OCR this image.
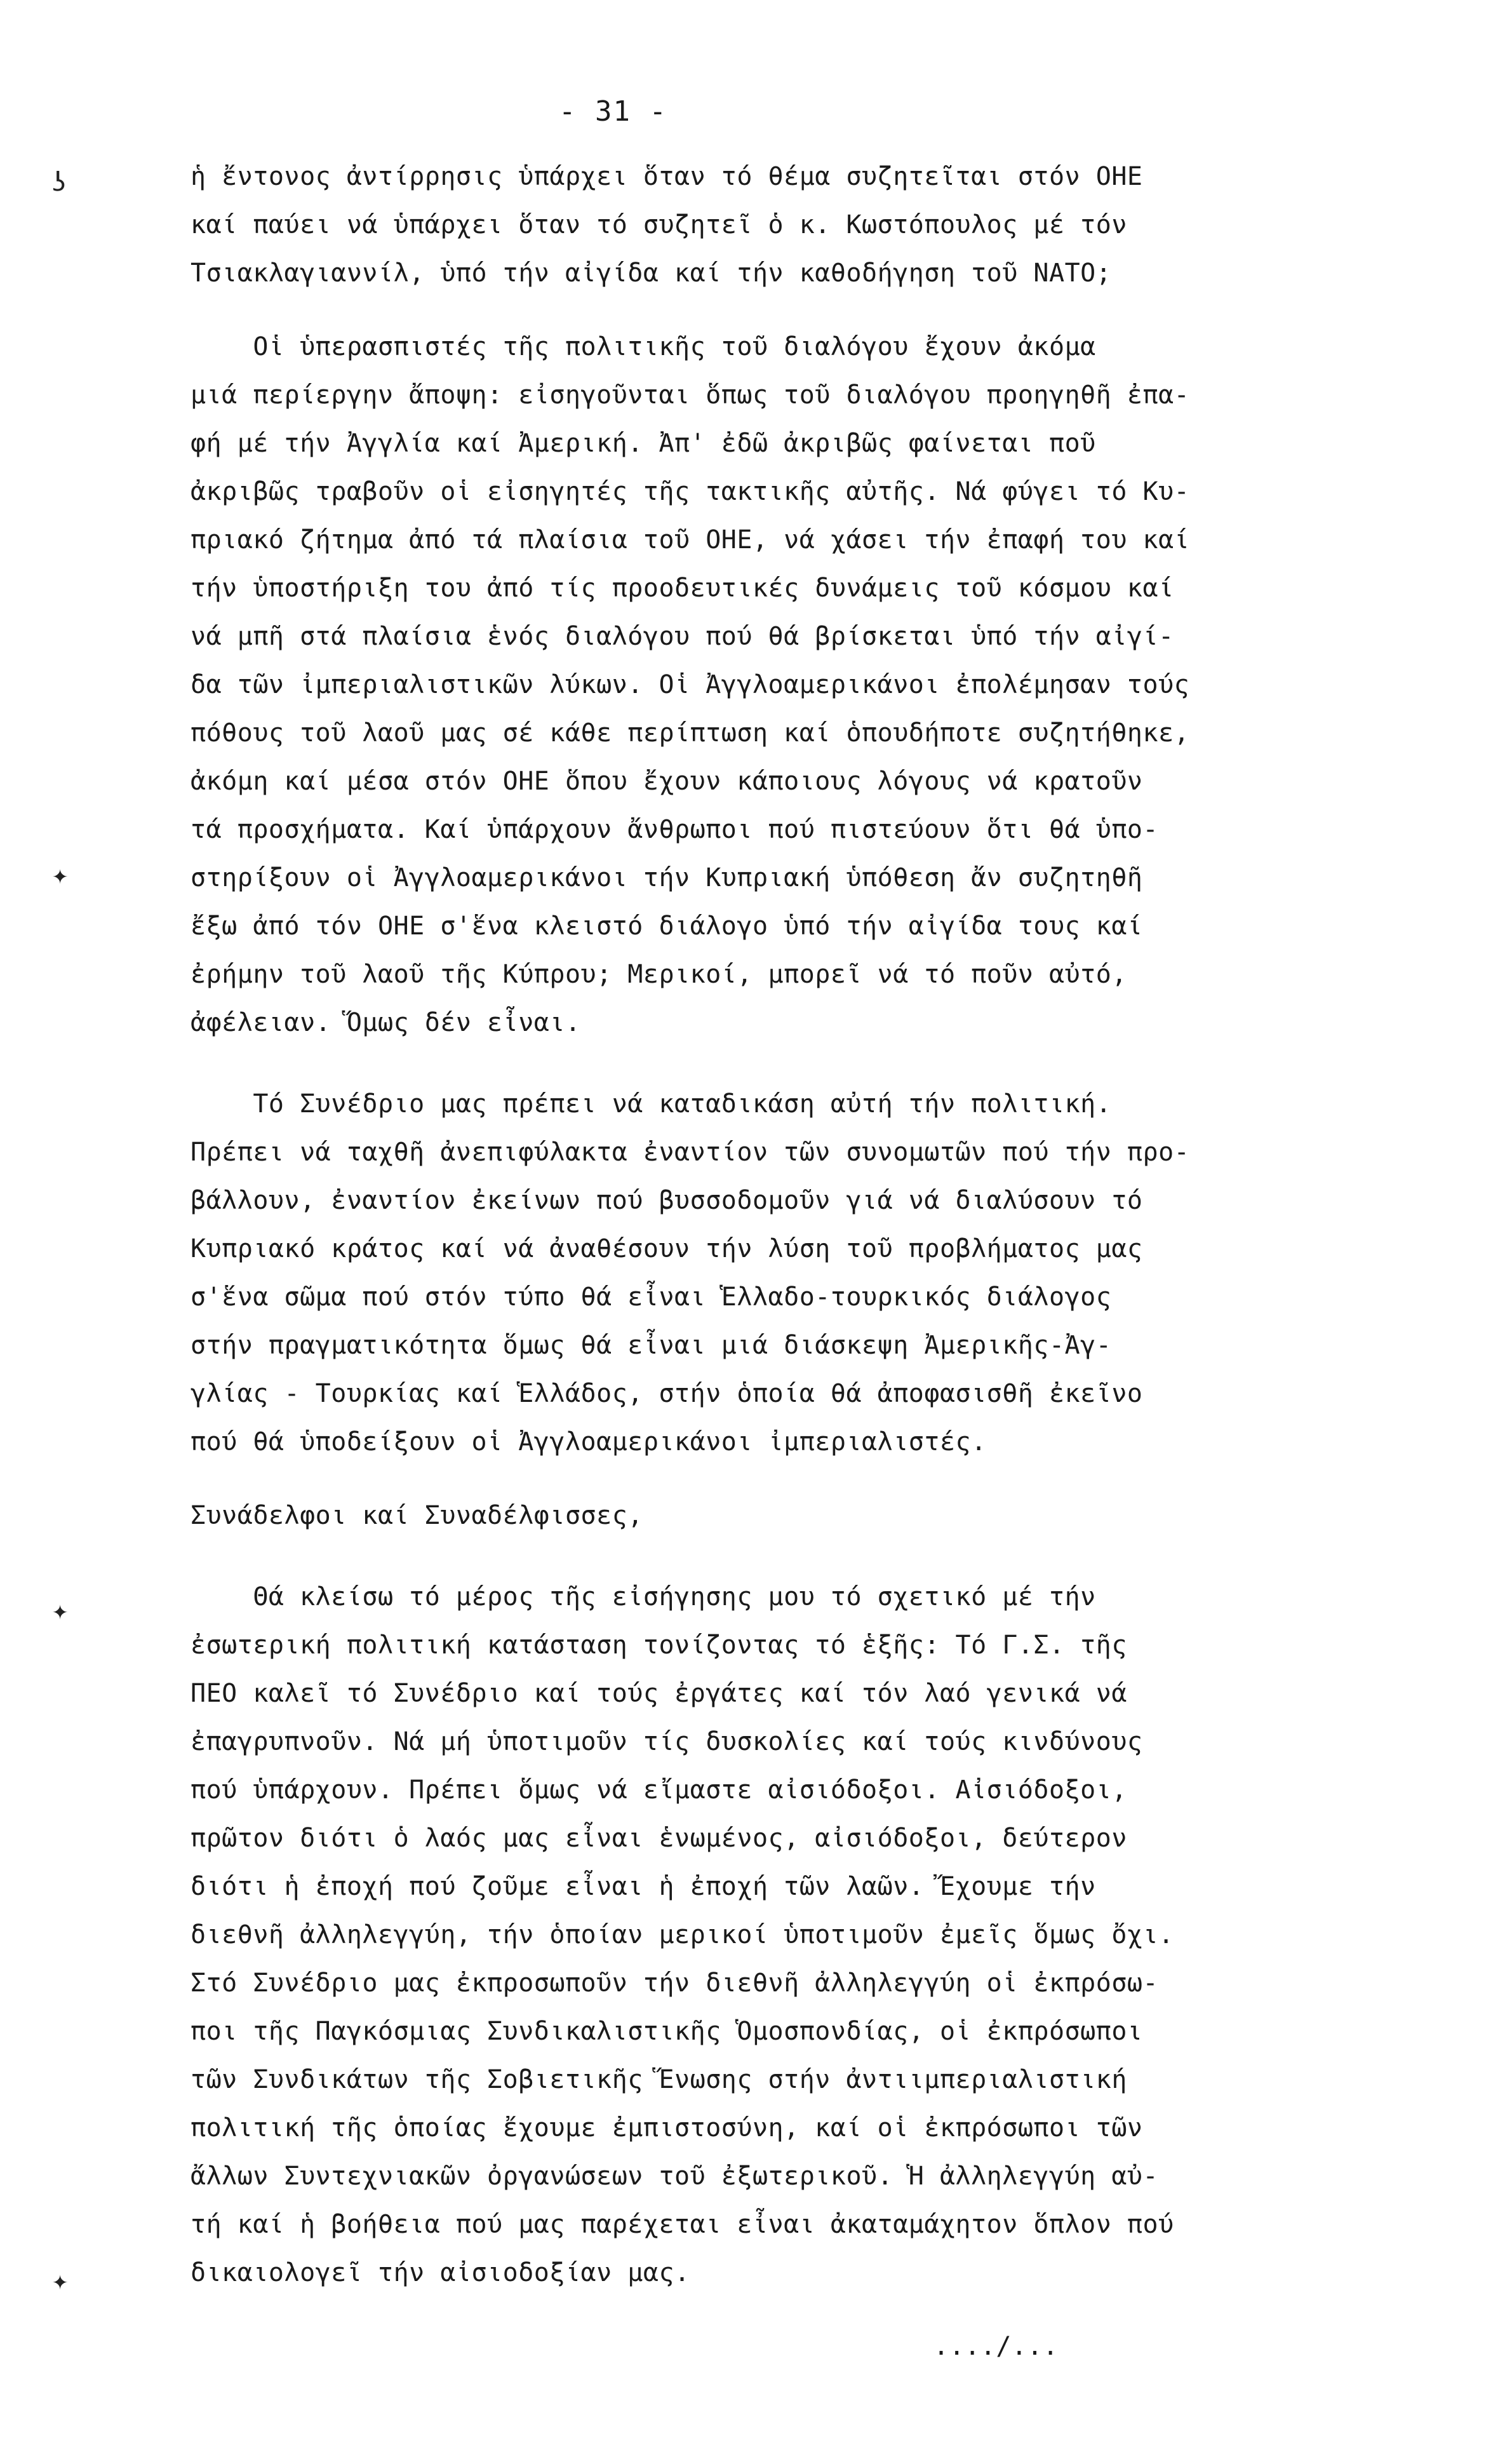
- 31 -
ʖ
✦
✦
✦
ἡ ἔντονος ἀντίρρησις ὑπάρχει ὅταν τό θέμα συζητεῖται στόν ΟΗΕ
καί παύει νά ὑπάρχει ὅταν τό συζητεῖ ὁ κ. Κωστόπουλος μέ τόν
Τσιακλαγιαννίλ, ὑπό τήν αἰγίδα καί τήν καθοδήγηση τοῦ ΝΑΤΟ;
Οἱ ὑπερασπιστές τῆς πολιτικῆς τοῦ διαλόγου ἔχουν ἀκόμα
μιά περίεργην ἄποψη: εἰσηγοῦνται ὅπως τοῦ διαλόγου προηγηθῆ ἐπα-
φή μέ τήν Ἀγγλία καί Ἀμερική. Ἀπ' ἐδῶ ἀκριβῶς φαίνεται ποῦ
ἀκριβῶς τραβοῦν οἱ εἰσηγητές τῆς τακτικῆς αὐτῆς. Νά φύγει τό Κυ-
πριακό ζήτημα ἀπό τά πλαίσια τοῦ ΟΗΕ, νά χάσει τήν ἐπαφή του καί
τήν ὑποστήριξη του ἀπό τίς προοδευτικές δυνάμεις τοῦ κόσμου καί
νά μπῆ στά πλαίσια ἑνός διαλόγου πού θά βρίσκεται ὑπό τήν αἰγί-
δα τῶν ἰμπεριαλιστικῶν λύκων. Οἱ Ἀγγλοαμερικάνοι ἐπολέμησαν τούς
πόθους τοῦ λαοῦ μας σέ κάθε περίπτωση καί ὁπουδήποτε συζητήθηκε,
ἀκόμη καί μέσα στόν ΟΗΕ ὅπου ἔχουν κάποιους λόγους νά κρατοῦν
τά προσχήματα. Καί ὑπάρχουν ἄνθρωποι πού πιστεύουν ὅτι θά ὑπο-
στηρίξουν οἱ Ἀγγλοαμερικάνοι τήν Κυπριακή ὑπόθεση ἄν συζητηθῆ
ἔξω ἀπό τόν ΟΗΕ σ'ἕνα κλειστό διάλογο ὑπό τήν αἰγίδα τους καί
ἐρήμην τοῦ λαοῦ τῆς Κύπρου; Μερικοί, μπορεῖ νά τό ποῦν αὐτό,
ἀφέλειαν. Ὅμως δέν εἶναι.
Τό Συνέδριο μας πρέπει νά καταδικάση αὐτή τήν πολιτική.
Πρέπει νά ταχθῆ ἀνεπιφύλακτα ἐναντίον τῶν συνομωτῶν πού τήν προ-
βάλλουν, ἐναντίον ἐκείνων πού βυσσοδομοῦν γιά νά διαλύσουν τό
Κυπριακό κράτος καί νά ἀναθέσουν τήν λύση τοῦ προβλήματος μας
σ'ἕνα σῶμα πού στόν τύπο θά εἶναι Ἑλλαδο-τουρκικός διάλογος
στήν πραγματικότητα ὅμως θά εἶναι μιά διάσκεψη Ἀμερικῆς-Ἀγ-
γλίας - Τουρκίας καί Ἑλλάδος, στήν ὁποία θά ἀποφασισθῆ ἐκεῖνο
πού θά ὑποδείξουν οἱ Ἀγγλοαμερικάνοι ἰμπεριαλιστές.
Συνάδελφοι καί Συναδέλφισσες,
Θά κλείσω τό μέρος τῆς εἰσήγησης μου τό σχετικό μέ τήν
ἐσωτερική πολιτική κατάσταση τονίζοντας τό ἑξῆς: Τό Γ.Σ. τῆς
ΠΕΟ καλεῖ τό Συνέδριο καί τούς ἐργάτες καί τόν λαό γενικά νά
ἐπαγρυπνοῦν. Νά μή ὑποτιμοῦν τίς δυσκολίες καί τούς κινδύνους
πού ὑπάρχουν. Πρέπει ὅμως νά εἴμαστε αἰσιόδοξοι. Αἰσιόδοξοι,
πρῶτον διότι ὁ λαός μας εἶναι ἑνωμένος, αἰσιόδοξοι, δεύτερον
διότι ἡ ἐποχή πού ζοῦμε εἶναι ἡ ἐποχή τῶν λαῶν. Ἔχουμε τήν
διεθνῆ ἀλληλεγγύη, τήν ὁποίαν μερικοί ὑποτιμοῦν ἐμεῖς ὅμως ὄχι.
Στό Συνέδριο μας ἐκπροσωποῦν τήν διεθνῆ ἀλληλεγγύη οἱ ἐκπρόσω-
ποι τῆς Παγκόσμιας Συνδικαλιστικῆς Ὁμοσπονδίας, οἱ ἐκπρόσωποι
τῶν Συνδικάτων τῆς Σοβιετικῆς Ἕνωσης στήν ἀντιιμπεριαλιστική
πολιτική τῆς ὁποίας ἔχουμε ἐμπιστοσύνη, καί οἱ ἐκπρόσωποι τῶν
ἄλλων Συντεχνιακῶν ὀργανώσεων τοῦ ἐξωτερικοῦ. Ἡ ἀλληλεγγύη αὐ-
τή καί ἡ βοήθεια πού μας παρέχεται εἶναι ἀκαταμάχητον ὅπλον πού
δικαιολογεῖ τήν αἰσιοδοξίαν μας.
..../...
